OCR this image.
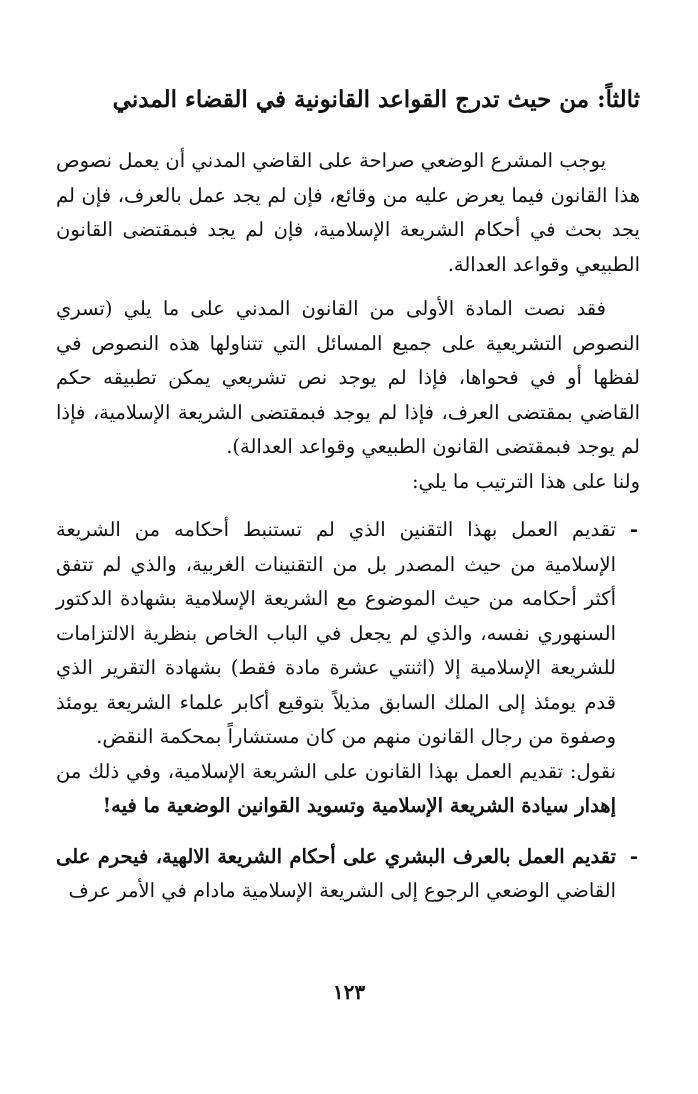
ثالثاً: من حيث تدرج القواعد القانونية في القضاء المدني

يوجب المشرع الوضعي صراحة على القاضي المدني أن يعمل نصوص هذا القانون فيما يعرض عليه من وقائع، فإن لم يجد عمل بالعرف، فإن لم يجد بحث في أحكام الشريعة الإسلامية، فإن لم يجد فبمقتضى القانون الطبيعي وقواعد العدالة.

فقد نصت المادة الأولى من القانون المدني على ما يلي (تسري النصوص التشريعية على جميع المسائل التي تتناولها هذه النصوص في لفظها أو في فحواها، فإذا لم يوجد نص تشريعي يمكن تطبيقه حكم القاضي بمقتضى العرف، فإذا لم يوجد فبمقتضى الشريعة الإسلامية، فإذا لم يوجد فبمقتضى القانون الطبيعي وقواعد العدالة).

ولنا على هذا الترتيب ما يلي:

-
تقديم العمل بهذا التقنين الذي لم تستنبط أحكامه من الشريعة الإسلامية من حيث المصدر بل من التقنينات الغربية، والذي لم تتفق أكثر أحكامه من حيث الموضوع مع الشريعة الإسلامية بشهادة الدكتور السنهوري نفسه، والذي لم يجعل في الباب الخاص بنظرية الالتزامات للشريعة الإسلامية إلا (اثنتي عشرة مادة فقط) بشهادة التقرير الذي قدم يومئذ إلى الملك السابق مذيلاً بتوقيع أكابر علماء الشريعة يومئذ وصفوة من رجال القانون منهم من كان مستشاراً بمحكمة النقض.
نقول: تقديم العمل بهذا القانون على الشريعة الإسلامية، وفي ذلك من إهدار سيادة الشريعة الإسلامية وتسويد القوانين الوضعية ما فيه!
-
تقديم العمل بالعرف البشري على أحكام الشريعة الالهية، فيحرم على القاضي الوضعي الرجوع إلى الشريعة الإسلامية مادام في الأمر عرف
١٢٣
